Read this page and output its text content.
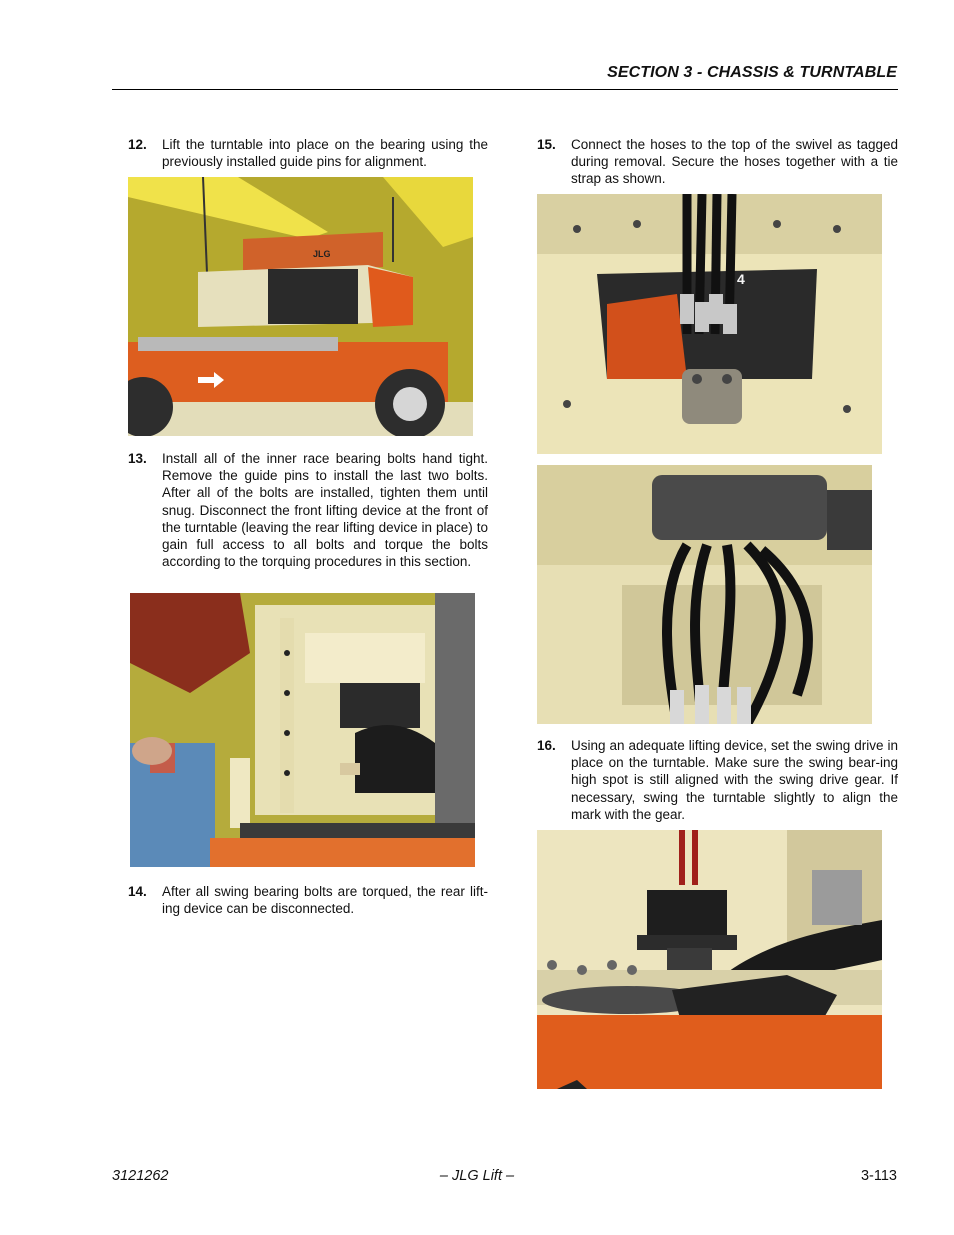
SECTION 3 - CHASSIS & TURNTABLE
12. Lift the turntable into place on the bearing using the previously installed guide pins for alignment.
JLG
13. Install all of the inner race bearing bolts hand tight. Remove the guide pins to install the last two bolts. After all of the bolts are installed, tighten them until snug. Disconnect the front lifting device at the front of the turntable (leaving the rear lifting device in place) to gain full access to all bolts and torque the bolts according to the torquing procedures in this section.
14. After all swing bearing bolts are torqued, the rear lift-ing device can be disconnected.
15. Connect the hoses to the top of the swivel as tagged during removal. Secure the hoses together with a tie strap as shown.
4
16. Using an adequate lifting device, set the swing drive in place on the turntable. Make sure the swing bear-ing high spot is still aligned with the swing drive gear. If necessary, swing the turntable slightly to align the mark with the gear.
3121262	– JLG Lift –	3-113
